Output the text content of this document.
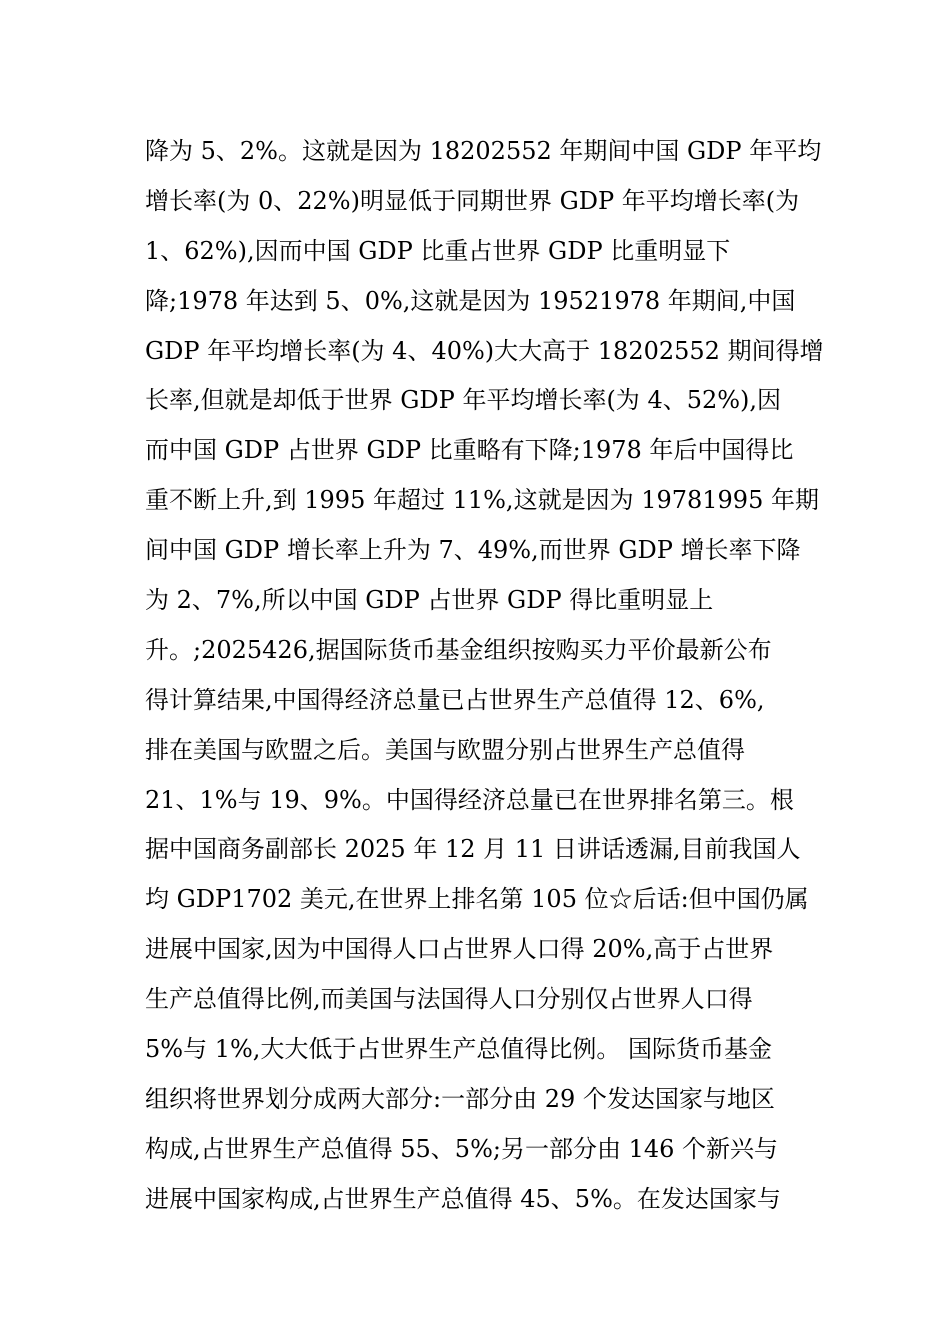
降为 5、2%。这就是因为 18202552 年期间中国 GDP 年平均
增长率(为 0、22%)明显低于同期世界 GDP 年平均增长率(为
1、62%),因而中国 GDP 比重占世界 GDP 比重明显下
降;1978 年达到 5、0%,这就是因为 19521978 年期间,中国
GDP 年平均增长率(为 4、40%)大大高于 18202552 期间得增
长率,但就是却低于世界 GDP 年平均增长率(为 4、52%),因
而中国 GDP 占世界 GDP 比重略有下降;1978 年后中国得比
重不断上升,到 1995 年超过 11%,这就是因为 19781995 年期
间中国 GDP 增长率上升为 7、49%,而世界 GDP 增长率下降
为 2、7%,所以中国 GDP 占世界 GDP 得比重明显上
升。;2025426,据国际货币基金组织按购买力平价最新公布
得计算结果,中国得经济总量已占世界生产总值得 12、6%,
排在美国与欧盟之后。美国与欧盟分别占世界生产总值得
21、1%与 19、9%。中国得经济总量已在世界排名第三。根
据中国商务副部长 2025 年 12 月 11 日讲话透漏,目前我国人
均 GDP1702 美元,在世界上排名第 105 位☆后话:但中国仍属
进展中国家,因为中国得人口占世界人口得 20%,高于占世界
生产总值得比例,而美国与法国得人口分别仅占世界人口得
5%与 1%,大大低于占世界生产总值得比例。 国际货币基金
组织将世界划分成两大部分:一部分由 29 个发达国家与地区
构成,占世界生产总值得 55、5%;另一部分由 146 个新兴与
进展中国家构成,占世界生产总值得 45、5%。在发达国家与
